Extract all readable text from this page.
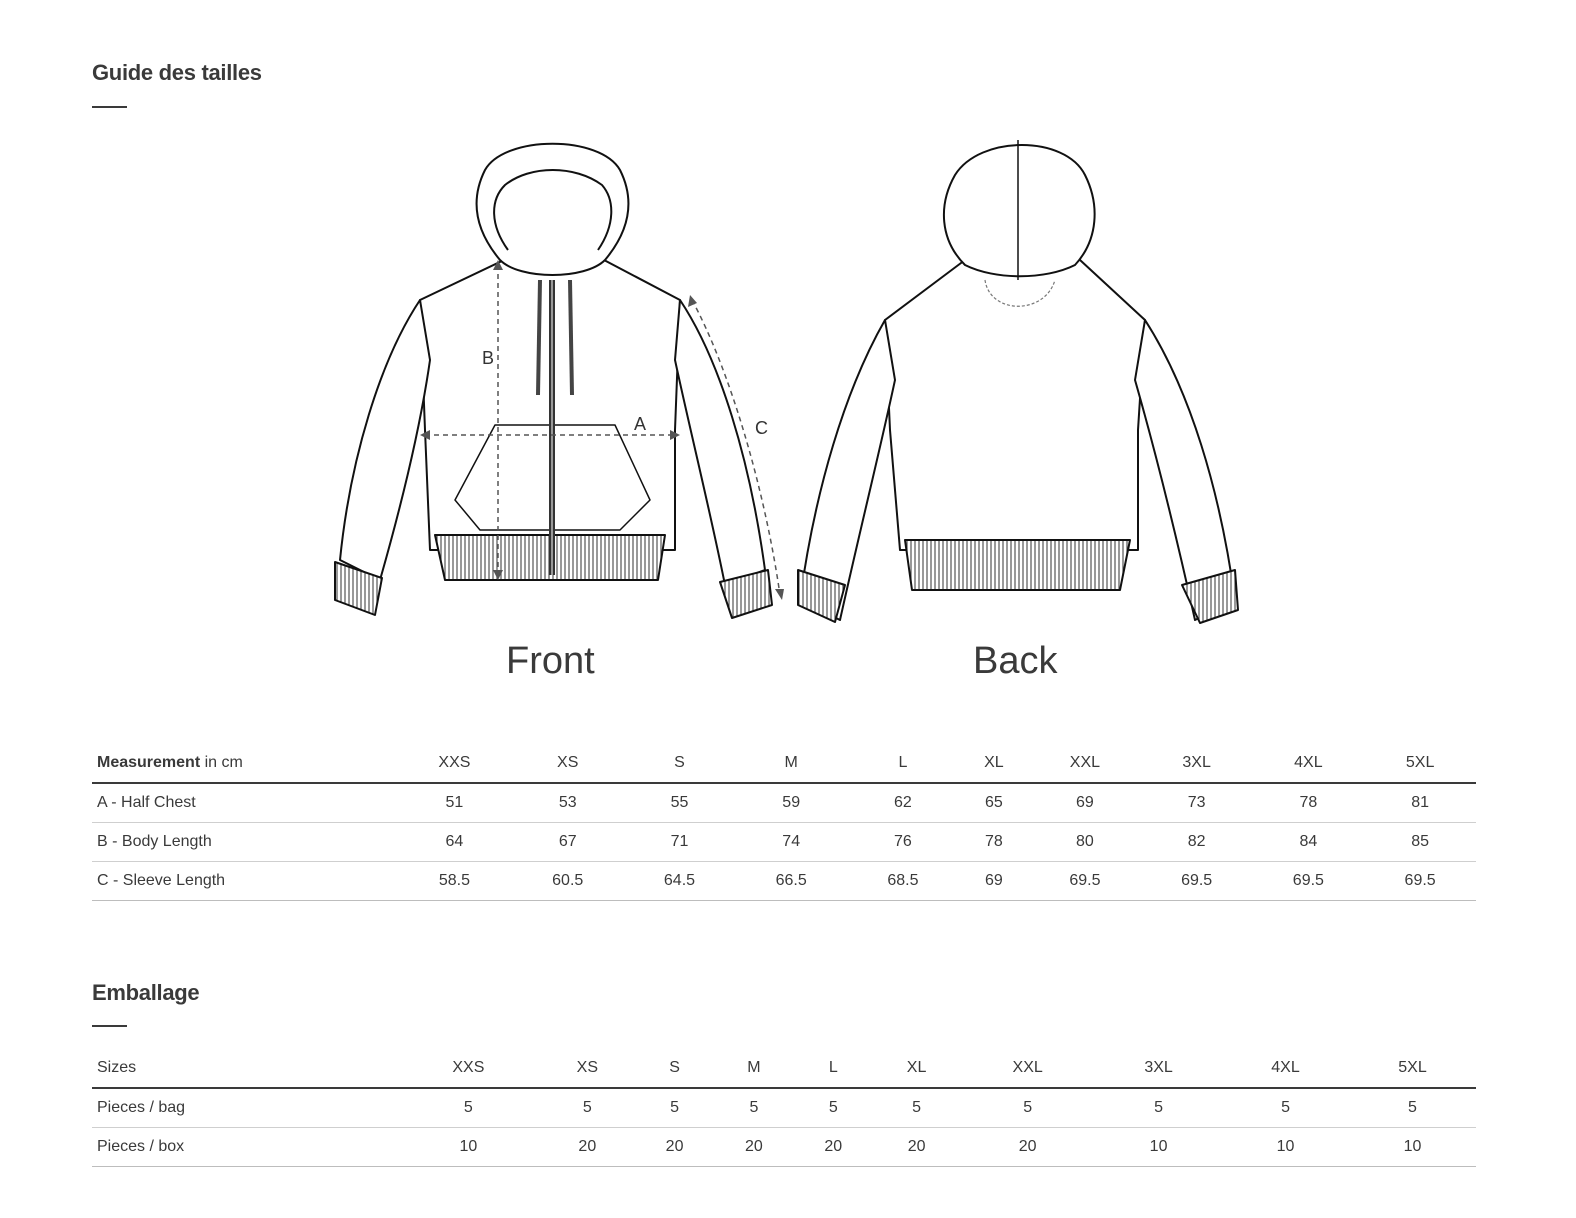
Guide des tailles
B
A	C
Front	Back
Measurement in cm	XXS	XS	S	M	L	XL	XXL	3XL	4XL	5XL
A - Half Chest	51	53	55	59	62	65	69	73	78	81
B - Body Length	64	67	71	74	76	78	80	82	84	85
C - Sleeve Length	58.5	60.5	64.5	66.5	68.5	69	69.5	69.5	69.5	69.5
Emballage
Sizes	XXS	XS	S	M	L	XL	XXL	3XL	4XL	5XL
Pieces / bag	5	5	5	5	5	5	5	5	5	5
Pieces / box	10	20	20	20	20	20	20	10	10	10
